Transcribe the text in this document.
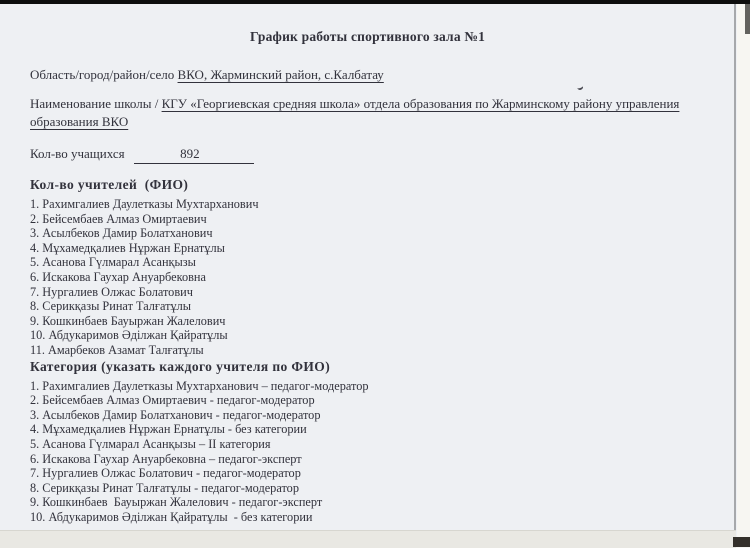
График работы спортивного зала №1
Область/город/район/село ВКО, Жарминский район, с.Калбатау
Наименование школы / КГУ «Георгиевская средняя школа» отдела образования по Жарминскому району управления образования ВКО
Кол-во учащихся	892
Кол-во учителей  (ФИО)
1. Рахимгалиев Даулетказы Мухтарханович
2. Бейсембаев Алмаз Омиртаевич
3. Асылбеков Дамир Болатханович
4. Мұхамедқалиев Нұржан Ернатұлы
5. Асанова Гүлмарал Асанқызы
6. Искакова Гаухар Ануарбековна
7. Нургалиев Олжас Болатович
8. Серикқазы Ринат Талғатұлы
9. Кошкинбаев Бауыржан Жалелович
10. Абдукаримов Әділжан Қайратұлы
11. Амарбеков Азамат Талғатұлы
Категория (указать каждого учителя по ФИО)
1. Рахимгалиев Даулетказы Мухтарханович – педагог-модератор
2. Бейсембаев Алмаз Омиртаевич - педагог-модератор
3. Асылбеков Дамир Болатханович - педагог-модератор
4. Мұхамедқалиев Нұржан Ернатұлы - без категории
5. Асанова Гүлмарал Асанқызы – II категория
6. Искакова Гаухар Ануарбековна – педагог-эксперт
7. Нургалиев Олжас Болатович - педагог-модератор
8. Серикқазы Ринат Талғатұлы - педагог-модератор
9. Кошкинбаев  Бауыржан Жалелович - педагог-эксперт
10. Абдукаримов Әділжан Қайратұлы  - без категории
